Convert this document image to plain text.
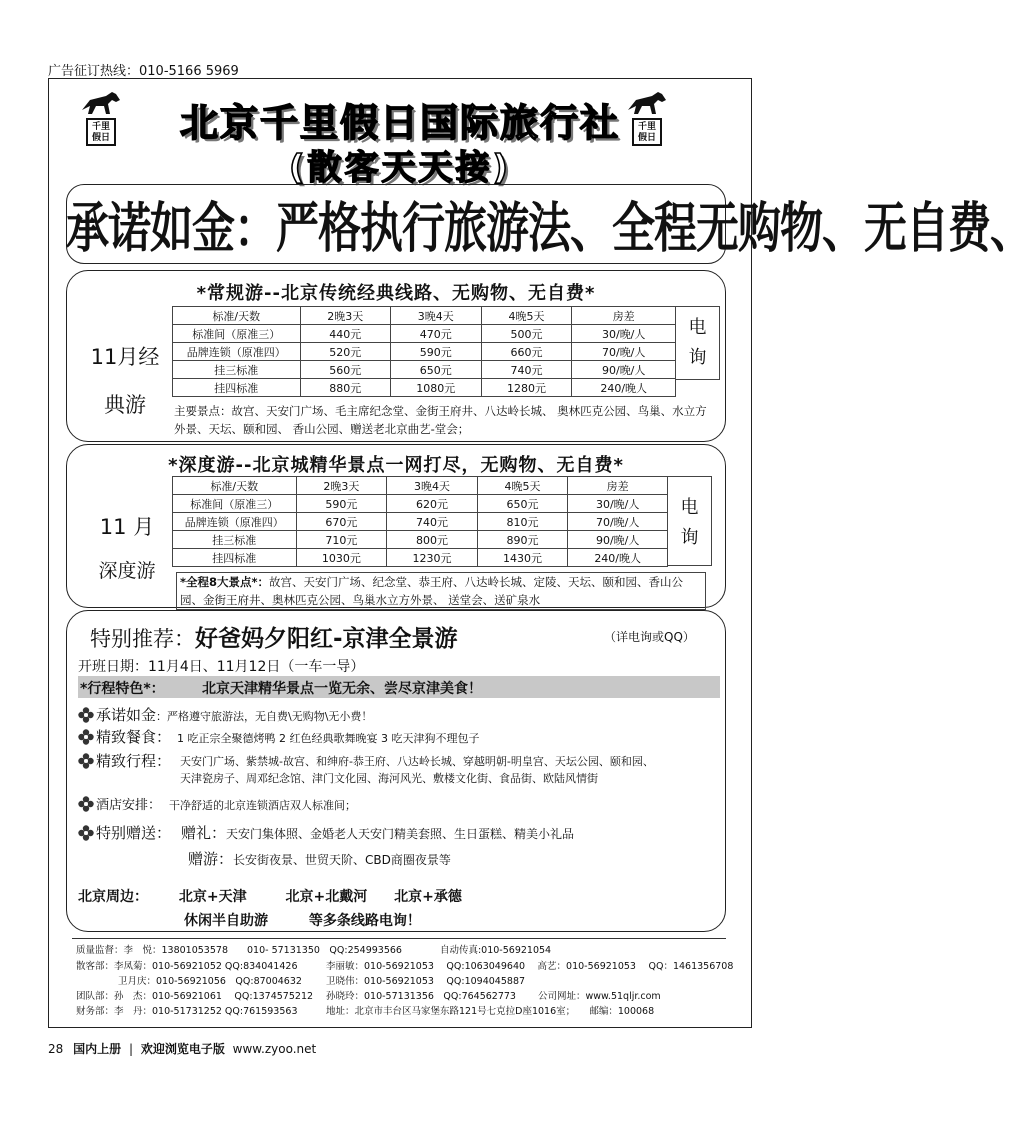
广告征订热线：010-5166 5969
千里假日
千里假日
北京千里假日国际旅行社
(散客天天接)
承诺如金：严格执行旅游法、全程无购物、无自费、
*常规游--北京传统经典线路、无购物、无自费*
11月经
典游
标准/天数	2晚3天	3晚4天	4晚5天	房差
标准间（原准三）	440元	470元	500元	30/晚/人
品牌连锁（原准四）	520元	590元	660元	70/晚/人
挂三标准	560元	650元	740元	90/晚/人
挂四标准	880元	1080元	1280元	240/晚人
电
询
主要景点：故宫、天安门广场、毛主席纪念堂、金街王府井、八达岭长城、 奥林匹克公园、鸟巢、水立方外景、天坛、颐和园、 香山公园、赠送老北京曲艺-堂会；
*深度游--北京城精华景点一网打尽，无购物、无自费*
11 月
深度游
标准/天数	2晚3天	3晚4天	4晚5天	房差
标准间（原准三）	590元	620元	650元	30/晚/人
品牌连锁（原准四）	670元	740元	810元	70/晚/人
挂三标准	710元	800元	890元	90/晚/人
挂四标准	1030元	1230元	1430元	240/晚人
电
询
*全程8大景点*：故宫、天安门广场、纪念堂、恭王府、八达岭长城、定陵、天坛、颐和园、香山公园、金街王府井、奥林匹克公园、鸟巢水立方外景、 送堂会、送矿泉水
特别推荐：好爸妈夕阳红-京津全景游	（详电询或QQ）
开班日期：11月4日、11月12日（一车一导）
*行程特色*：	北京天津精华景点一览无余、尝尽京津美食！
承诺如金：严格遵守旅游法，无自费\无购物\无小费！
精致餐食： 1 吃正宗全聚德烤鸭 2 红色经典歌舞晚宴 3 吃天津狗不理包子
精致行程： 天安门广场、紫禁城-故宫、和绅府-恭王府、八达岭长城、穿越明朝-明皇宫、天坛公园、颐和园、
天津瓷房子、周邓纪念馆、津门文化园、海河风光、敷楼文化街、食品街、欧陆风情街
酒店安排： 干净舒适的北京连锁酒店双人标准间；
特别赠送： 赠礼：天安门集体照、金婚老人天安门精美套照、生日蛋糕、精美小礼品
赠游：长安街夜景、世贸天阶、CBD商圈夜景等
北京周边： 北京+天津	北京+北戴河 北京+承德
休闲半自助游	等多条线路电询！
质量监督：李　悦：13801053578　　010- 57131350　QQ:254993566　　　　自动传真:010-56921054
散客部：李凤菊：010-56921052 QQ:834041426	李丽敏：010-56921053　 QQ:1063049640　 高艺：010-56921053　 QQ：1461356708
卫月庆：010-56921056　QQ:87004632	卫晓伟：010-56921053　 QQ:1094045887
团队部：孙　杰：010-56921061　 QQ:1374575212 孙晓玲：010-57131356　QQ:764562773　　 公司网址：www.51qljr.com
财务部：李　丹：010-51731252 QQ:761593563	地址：北京市丰台区马家堡东路121号七克拉D座1016室；　　邮编：100068
28 国内上册 | 欢迎浏览电子版 www.zyoo.net
